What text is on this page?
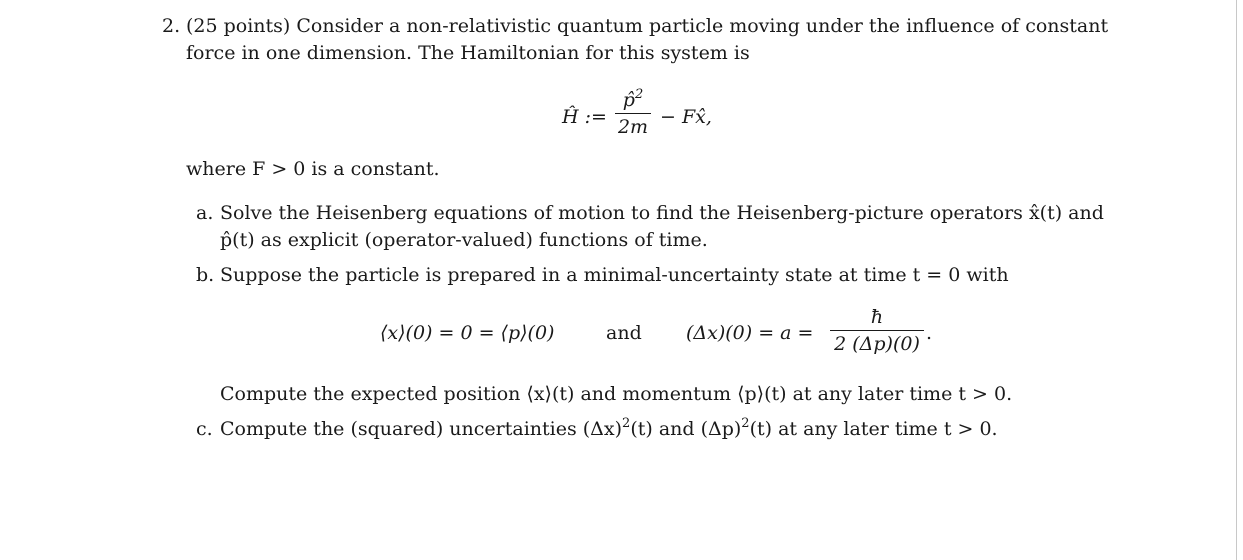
2. (25 points) Consider a non-relativistic quantum particle moving under the influence of constant
force in one dimension. The Hamiltonian for this system is
Ĥ :=
p̂$^2$
2m − Fx̂,
where F > 0 is a constant.
a. Solve the Heisenberg equations of motion to find the Heisenberg-picture operators x̂(t) and
p̂(t) as explicit (operator-valued) functions of time.
b. Suppose the particle is prepared in a minimal-uncertainty state at time t = 0 with
⟨x⟩(0) = 0 = ⟨p⟩(0)	and (Δx)(0) = a =
ħ
2 (Δp)(0) .
Compute the expected position ⟨x⟩(t) and momentum ⟨p⟩(t) at any later time t > 0.
c. Compute the (squared) uncertainties $(\Delta x)^2(t)$ and $(\Delta p)^2(t)$ at any later time t > 0.
